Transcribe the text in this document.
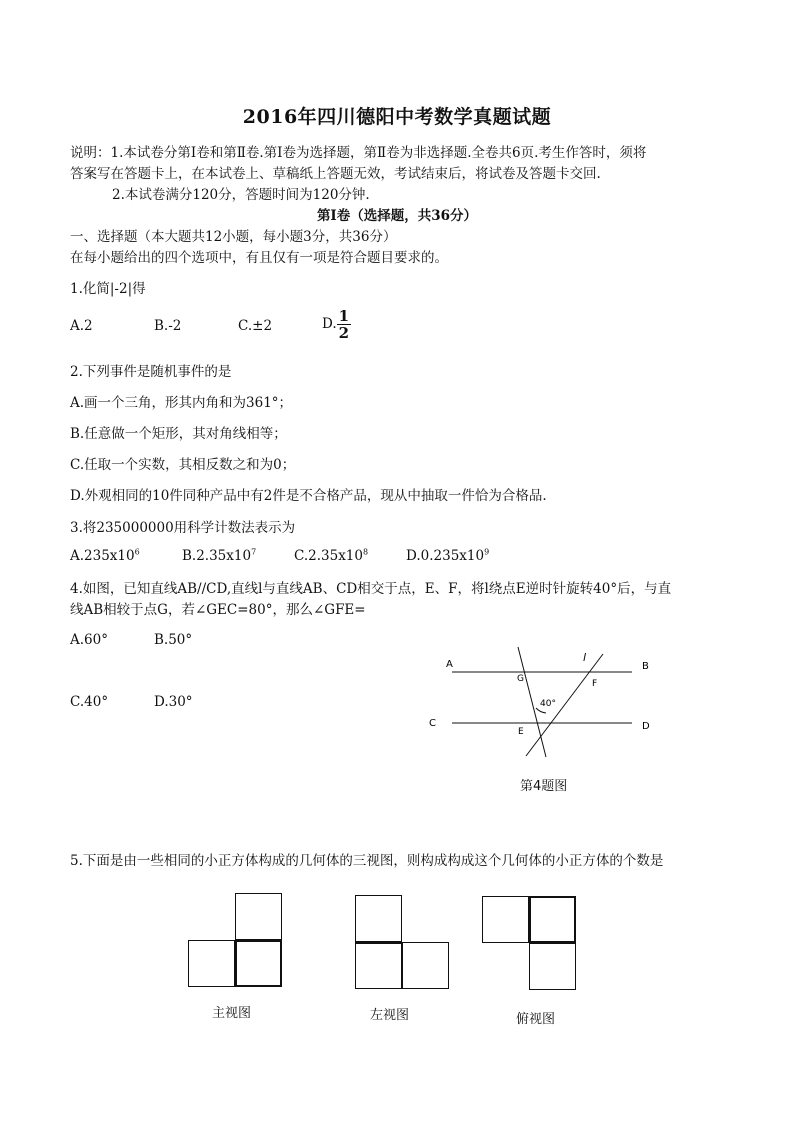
2016年四川德阳中考数学真题试题
说明：1.本试卷分第Ⅰ卷和第Ⅱ卷.第Ⅰ卷为选择题，第Ⅱ卷为非选择题.全卷共6页.考生作答时，须将
答案写在答题卡上，在本试卷上、草稿纸上答题无效，考试结束后，将试卷及答题卡交回.
2.本试卷满分120分，答题时间为120分钟.
第Ⅰ卷（选择题，共36分）
一、选择题（本大题共12小题，每小题3分，共36分）
在每小题给出的四个选项中，有且仅有一项是符合题目要求的。
1.化简|-2|得
A.2	B.-2	C.±2	D. $\frac{1}{2}$
2.下列事件是随机事件的是
A.画一个三角，形其内角和为361°；
B.任意做一个矩形，其对角线相等；
C.任取一个实数，其相反数之和为0；
D.外观相同的10件同种产品中有2件是不合格产品，现从中抽取一件恰为合格品.
3.将235000000用科学计数法表示为
$A.235x10^6$	$B.2.35x10^7$	$C.2.35x10^8$	$D.0.235x10^9$
4.如图，已知直线AB//CD,直线l与直线AB、CD相交于点，E、F，将l绕点E逆时针旋转40°后，与直
线AB相较于点G，若∠GEC=80°，那么∠GFE=
A.60°	B.50°
C.40°	D.30°
A	B
C	D
G	F
E
l
40°
第4题图
5.下面是由一些相同的小正方体构成的几何体的三视图，则构成构成这个几何体的小正方体的个数是
主视图	左视图	俯视图
